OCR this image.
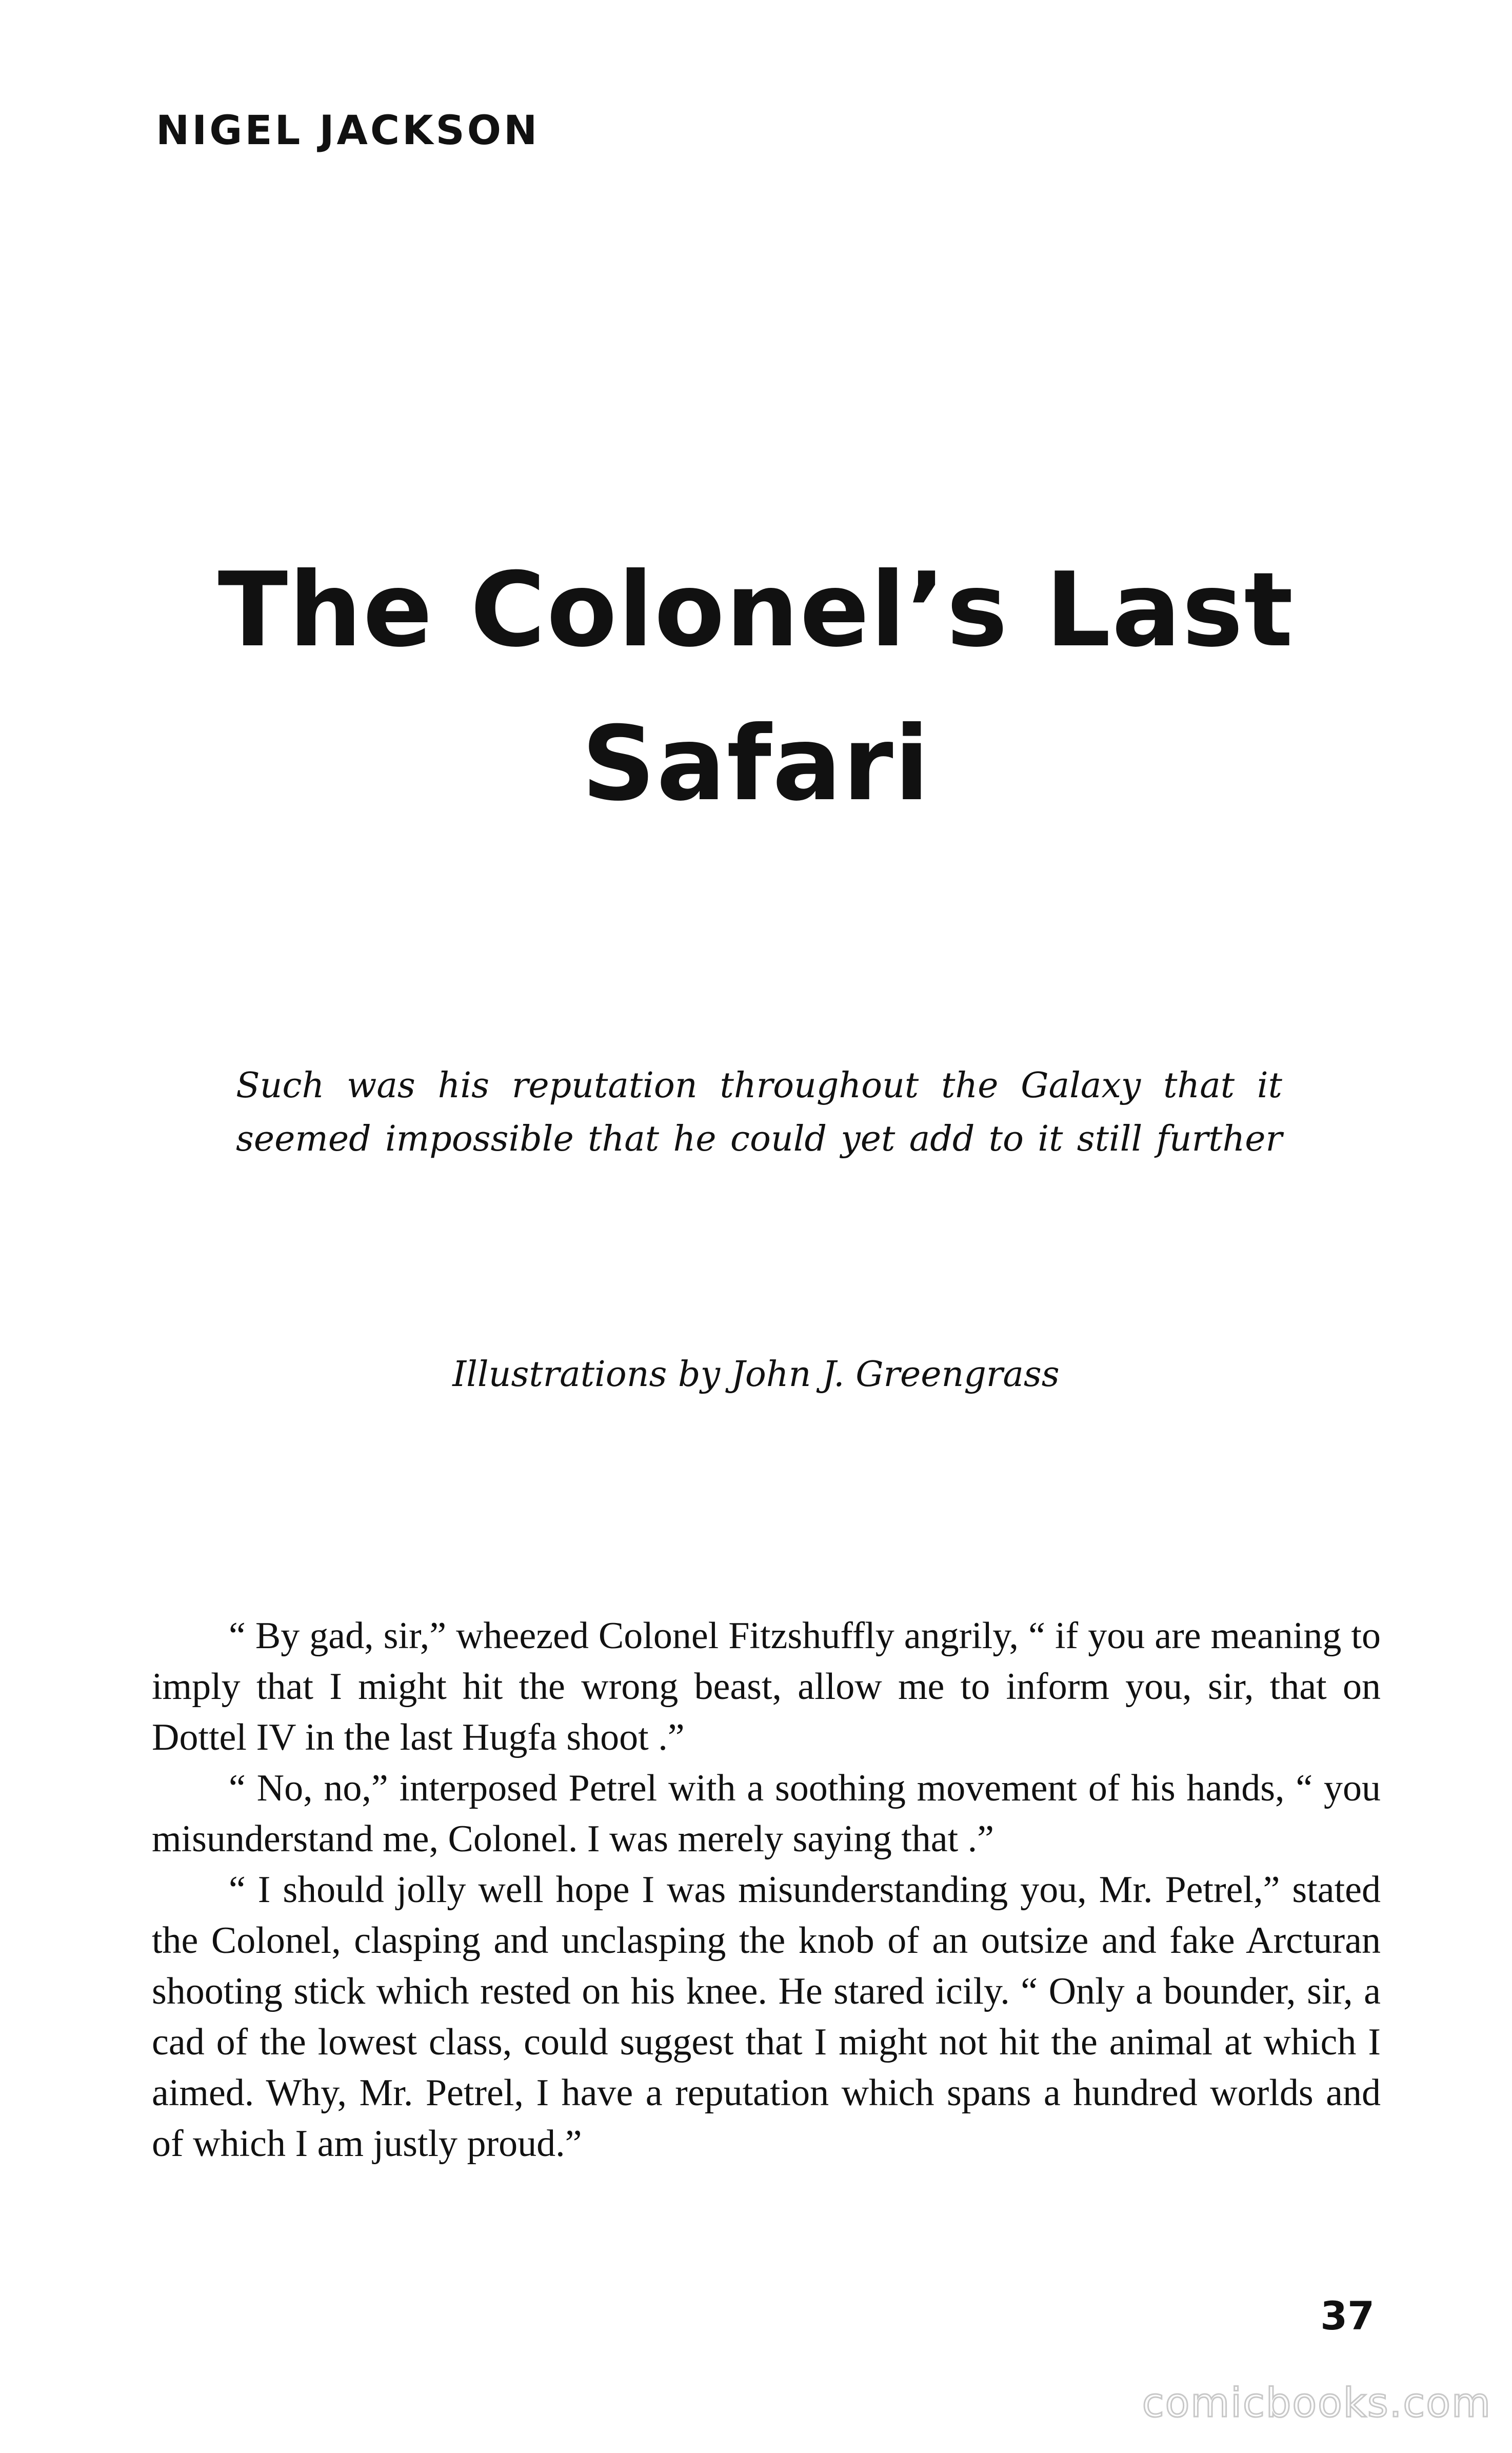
NIGEL JACKSON
The Colonel’s Last
Safari

Such was his reputation throughout the Galaxy that it seemed impossible that he could yet add to it still further

Illustrations by John J. Greengrass

“ By gad, sir,” wheezed Colonel Fitzshuffly angrily, “ if you are meaning to imply that I might hit the wrong beast, allow me to inform you, sir, that on Dottel IV in the last Hugfa shoot .”

“ No, no,” interposed Petrel with a soothing movement of his hands, “ you misunderstand me, Colonel. I was merely saying that .”

“ I should jolly well hope I was misunderstanding you, Mr. Petrel,” stated the Colonel, clasping and unclasping the knob of an outsize and fake Arcturan shooting stick which rested on his knee. He stared icily. “ Only a bounder, sir, a cad of the lowest class, could suggest that I might not hit the animal at which I aimed. Why, Mr. Petrel, I have a reputation which spans a hundred worlds and of which I am justly proud.”

37
comicbooks.com
